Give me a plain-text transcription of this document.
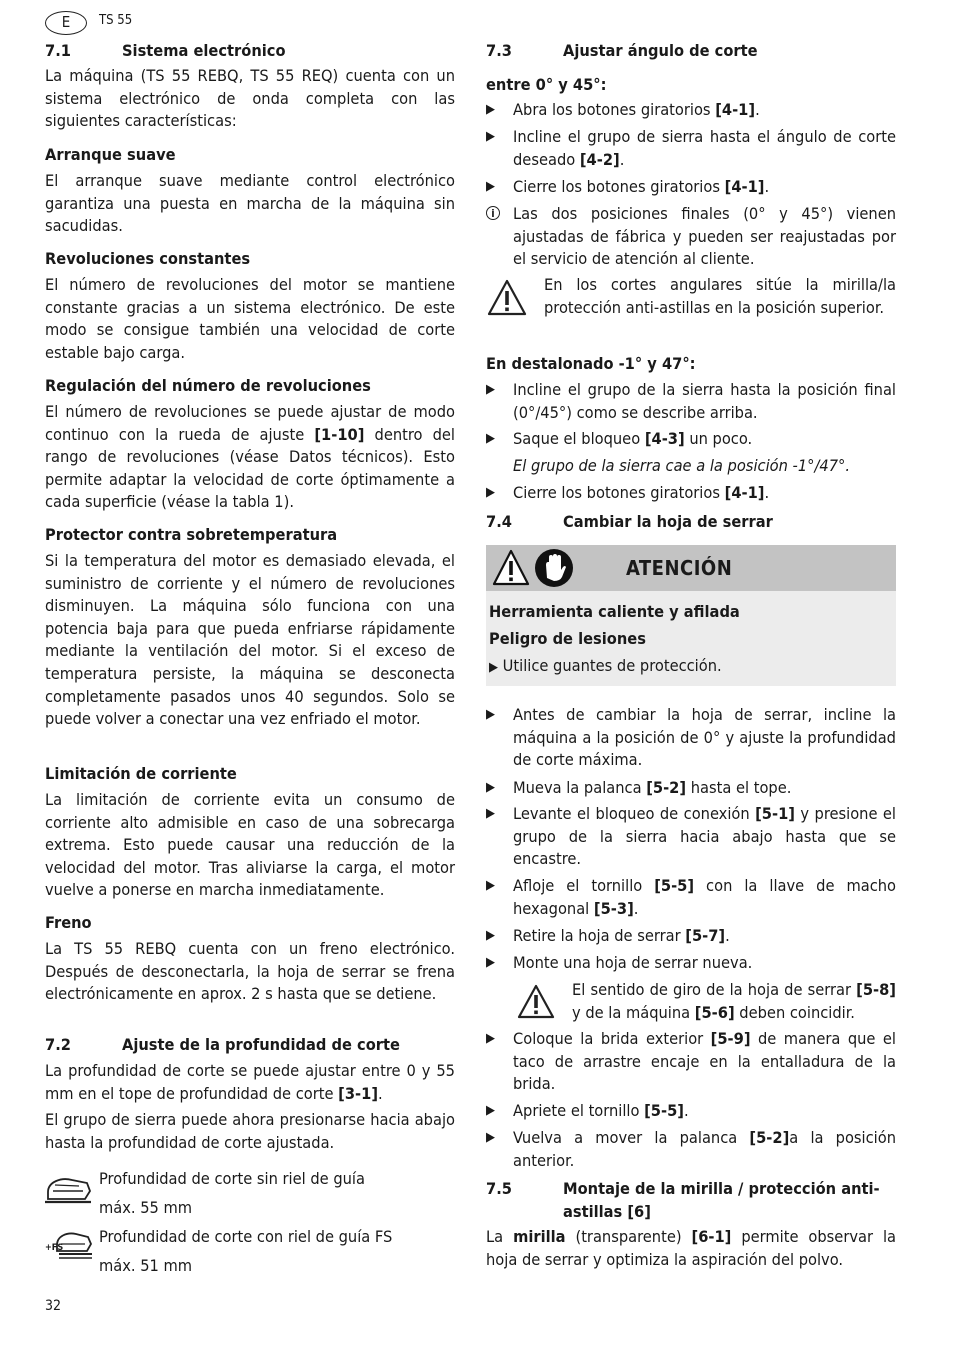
E	TS 55
7.1	Sistema electrónico

La máquina (TS 55 REBQ, TS 55 REQ) cuenta con un sistema electrónico de onda completa con las siguientes características:

Arranque suave

El arranque suave mediante control electrónico garantiza una puesta en marcha de la máquina sin sacudidas.

Revoluciones constantes

El número de revoluciones del motor se mantiene constante gracias a un sistema electrónico. De este modo se consigue también una velocidad de corte estable bajo carga.

Regulación del número de revoluciones

El número de revoluciones se puede ajustar de modo continuo con la rueda de ajuste [1-10] dentro del rango de revoluciones (véase Datos técnicos). Esto permite adaptar la velocidad de corte óptimamente a cada superficie (véase la tabla 1).

Protector contra sobretemperatura

Si la temperatura del motor es demasiado elevada, el suministro de corriente y el número de revoluciones disminuyen. La máquina sólo funciona con una potencia baja para que pueda enfriarse rápidamente mediante la ventilación del motor. Si el exceso de temperatura persiste, la máquina se desconecta completamente pasados unos 40 segundos. Solo se puede volver a conectar una vez enfriado el motor.

Limitación de corriente

La limitación de corriente evita un consumo de corriente alto admisible en caso de una sobrecarga extrema. Esto puede causar una reducción de la velocidad del motor. Tras aliviarse la carga, el motor vuelve a ponerse en marcha inmediatamente.

Freno

La TS 55 REBQ cuenta con un freno electrónico. Después de desconectarla, la hoja de serrar se frena electrónicamente en aprox. 2 s hasta que se detiene.

7.2	Ajuste de la profundidad de corte

La profundidad de corte se puede ajustar entre 0 y 55 mm en el tope de profundidad de corte [3-1].

El grupo de sierra puede ahora presionarse hacia abajo hasta la profundidad de corte ajustada.

Profundidad de corte sin riel de guía
máx. 55 mm
+FS
Profundidad de corte con riel de guía FS
máx. 51 mm
7.3	Ajustar ángulo de corte
entre 0° y 45°:
▶ Abra los botones giratorios [4-1].
▶ Incline el grupo de sierra hasta el ángulo de corte deseado [4-2].
▶ Cierre los botones giratorios [4-1].
i
Las dos posiciones finales (0° y 45°) vienen ajustadas de fábrica y pueden ser reajustadas por el servicio de atención al cliente.

En los cortes angulares sitúe la mirilla/la protección anti-astillas en la posición superior.

En destalonado -1° y 47°:
▶ Incline el grupo de la sierra hasta la posición final (0°/45°) como se describe arriba.
▶ Saque el bloqueo [4-3] un poco.
El grupo de la sierra cae a la posición -1°/47°.
▶ Cierre los botones giratorios [4-1].
7.4	Cambiar la hoja de serrar
ATENCIÓN
Herramienta caliente y afilada
Peligro de lesiones
▶ Utilice guantes de protección.
▶ Antes de cambiar la hoja de serrar, incline la máquina a la posición de 0° y ajuste la profundidad de corte máxima.
▶ Mueva la palanca [5-2] hasta el tope.
▶ Levante el bloqueo de conexión [5-1] y presione el grupo de la sierra hacia abajo hasta que se encastre.
▶ Afloje el tornillo [5-5] con la llave de macho hexagonal [5-3].
▶ Retire la hoja de serrar [5-7].
▶ Monte una hoja de serrar nueva.

El sentido de giro de la hoja de serrar [5-8] y de la máquina [5-6] deben coincidir.

▶ Coloque la brida exterior [5-9] de manera que el taco de arrastre encaje en la entalladura de la brida.
▶ Apriete el tornillo [5-5].
▶ Vuelva a mover la palanca [5-2]a la posición anterior.
7.5	Montaje de la mirilla / protección anti-astillas [6]

La mirilla (transparente) [6-1] permite observar la hoja de serrar y optimiza la aspiración del polvo.

32
